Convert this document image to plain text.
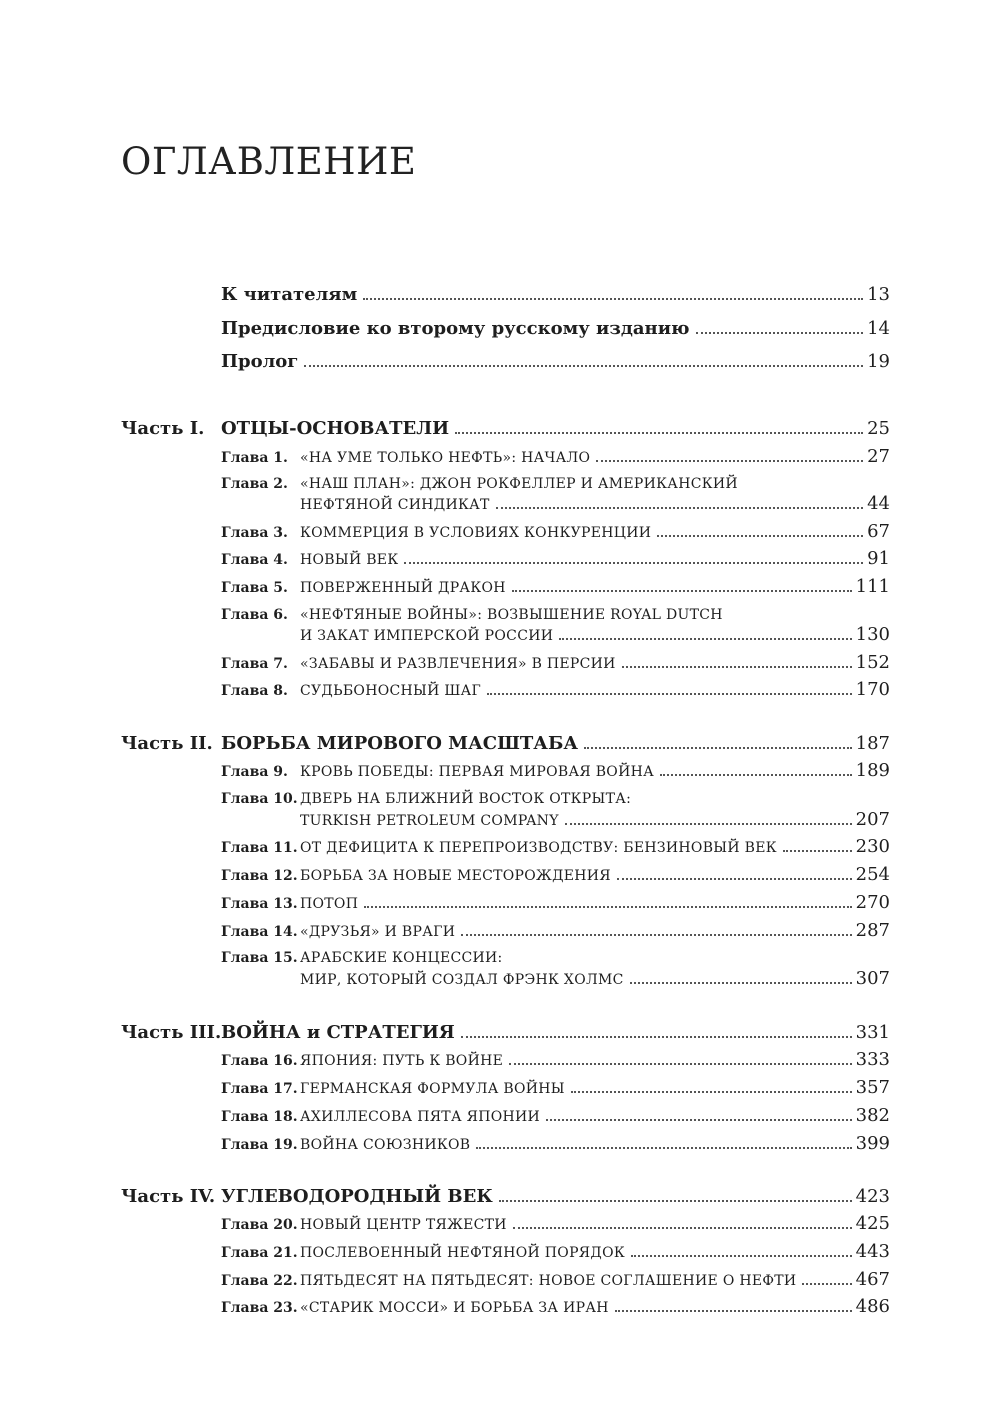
ОГЛАВЛЕНИЕ
К читателям	13
Предисловие ко второму русскому изданию	14
Пролог	19
Часть I. ОТЦЫ-ОСНОВАТЕЛИ	25
Глава 1. «НА УМЕ ТОЛЬКО НЕФТЬ»: НАЧАЛО	27
Глава 2. «НАШ ПЛАН»: ДЖОН РОКФЕЛЛЕР И АМЕРИКАНСКИЙ
НЕФТЯНОЙ СИНДИКАТ	44
Глава 3. КОММЕРЦИЯ В УСЛОВИЯХ КОНКУРЕНЦИИ	67
Глава 4. НОВЫЙ ВЕК	91
Глава 5. ПОВЕРЖЕННЫЙ ДРАКОН	111
Глава 6. «НЕФТЯНЫЕ ВОЙНЫ»: ВОЗВЫШЕНИЕ ROYAL DUTCH
И ЗАКАТ ИМПЕРСКОЙ РОССИИ	130
Глава 7. «ЗАБАВЫ И РАЗВЛЕЧЕНИЯ» В ПЕРСИИ	152
Глава 8. СУДЬБОНОСНЫЙ ШАГ	170
Часть II. БОРЬБА МИРОВОГО МАСШТАБА	187
Глава 9. КРОВЬ ПОБЕДЫ: ПЕРВАЯ МИРОВАЯ ВОЙНА	189
Глава 10. ДВЕРЬ НА БЛИЖНИЙ ВОСТОК ОТКРЫТА:
TURKISH PETROLEUM COMPANY	207
Глава 11. ОТ ДЕФИЦИТА К ПЕРЕПРОИЗВОДСТВУ: БЕНЗИНОВЫЙ ВЕК	230
Глава 12. БОРЬБА ЗА НОВЫЕ МЕСТОРОЖДЕНИЯ	254
Глава 13. ПОТОП	270
Глава 14. «ДРУЗЬЯ» И ВРАГИ	287
Глава 15. АРАБСКИЕ КОНЦЕССИИ:
МИР, КОТОРЫЙ СОЗДАЛ ФРЭНК ХОЛМС	307
Часть III. ВОЙНА и СТРАТЕГИЯ	331
Глава 16. ЯПОНИЯ: ПУТЬ К ВОЙНЕ	333
Глава 17. ГЕРМАНСКАЯ ФОРМУЛА ВОЙНЫ	357
Глава 18. АХИЛЛЕСОВА ПЯТА ЯПОНИИ	382
Глава 19. ВОЙНА СОЮЗНИКОВ	399
Часть IV. УГЛЕВОДОРОДНЫЙ ВЕК	423
Глава 20. НОВЫЙ ЦЕНТР ТЯЖЕСТИ	425
Глава 21. ПОСЛЕВОЕННЫЙ НЕФТЯНОЙ ПОРЯДОК	443
Глава 22. ПЯТЬДЕСЯТ НА ПЯТЬДЕСЯТ: НОВОЕ СОГЛАШЕНИЕ О НЕФТИ	467
Глава 23. «СТАРИК МОССИ» И БОРЬБА ЗА ИРАН	486
